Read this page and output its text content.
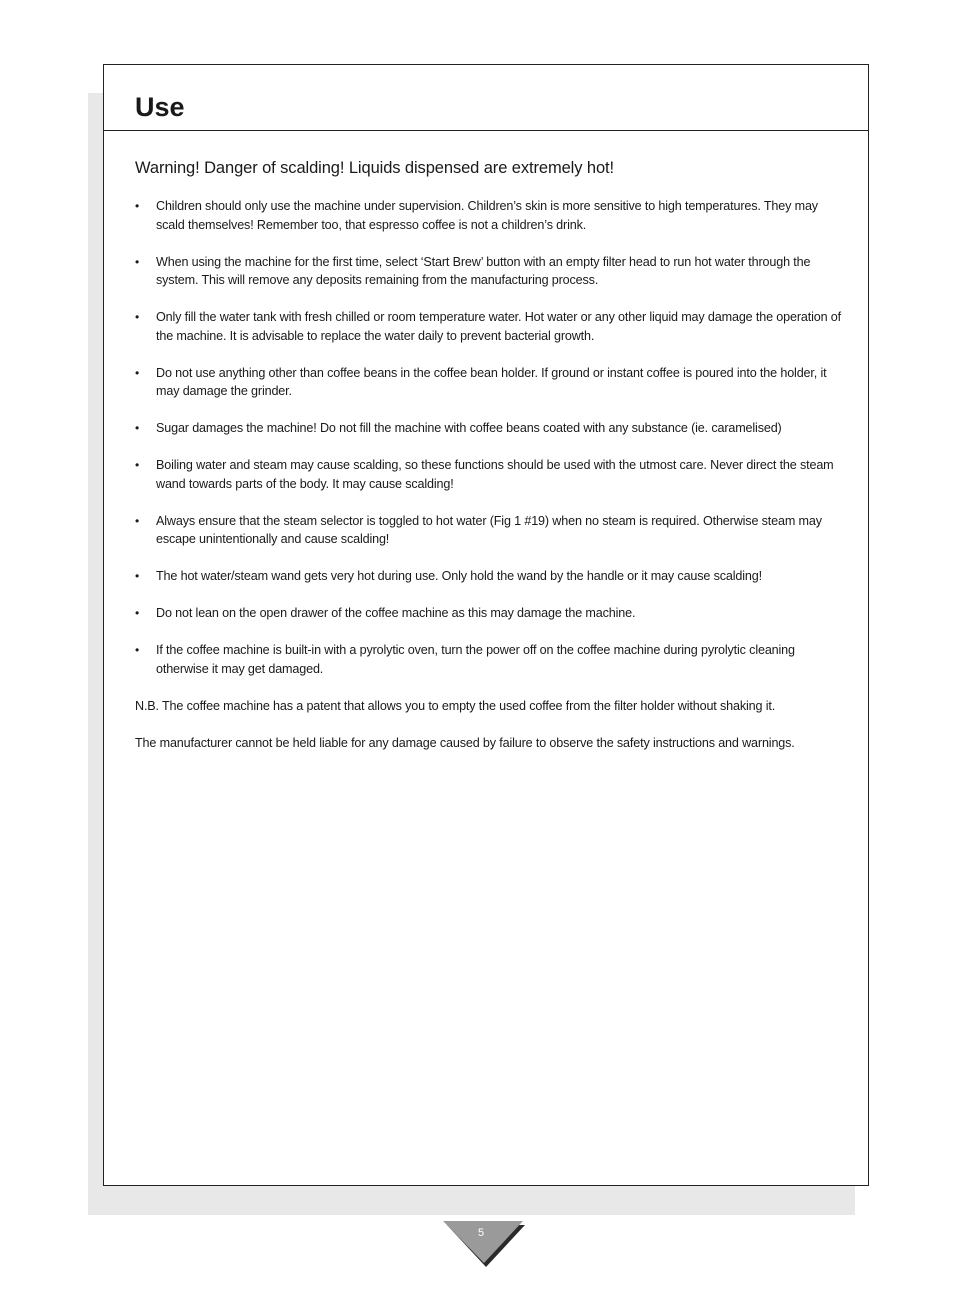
Use

Warning! Danger of scalding! Liquids dispensed are extremely hot!

• Children should only use the machine under supervision. Children’s skin is more sensitive to high temperatures. They may scald themselves! Remember too, that espresso coffee is not a children’s drink.
• When using the machine for the first time, select ‘Start Brew’ button with an empty filter head to run hot water through the system. This will remove any deposits remaining from the manufacturing process.
• Only fill the water tank with fresh chilled or room temperature water. Hot water or any other liquid may damage the operation of the machine. It is advisable to replace the water daily to prevent bacterial growth.
• Do not use anything other than coffee beans in the coffee bean holder. If ground or instant coffee is poured into the holder, it may damage the grinder.
• Sugar damages the machine! Do not fill the machine with coffee beans coated with any substance (ie. caramelised)
• Boiling water and steam may cause scalding, so these functions should be used with the utmost care. Never direct the steam wand towards parts of the body. It may cause scalding!
• Always ensure that the steam selector is toggled to hot water (Fig 1 #19) when no steam is required. Otherwise steam may escape unintentionally and cause scalding!
• The hot water/steam wand gets very hot during use. Only hold the wand by the handle or it may cause scalding!
• Do not lean on the open drawer of the coffee machine as this may damage the machine.
• If the coffee machine is built-in with a pyrolytic oven, turn the power off on the coffee machine during pyrolytic cleaning otherwise it may get damaged.

N.B. The coffee machine has a patent that allows you to empty the used coffee from the filter holder without shaking it.

The manufacturer cannot be held liable for any damage caused by failure to observe the safety instructions and warnings.

5
